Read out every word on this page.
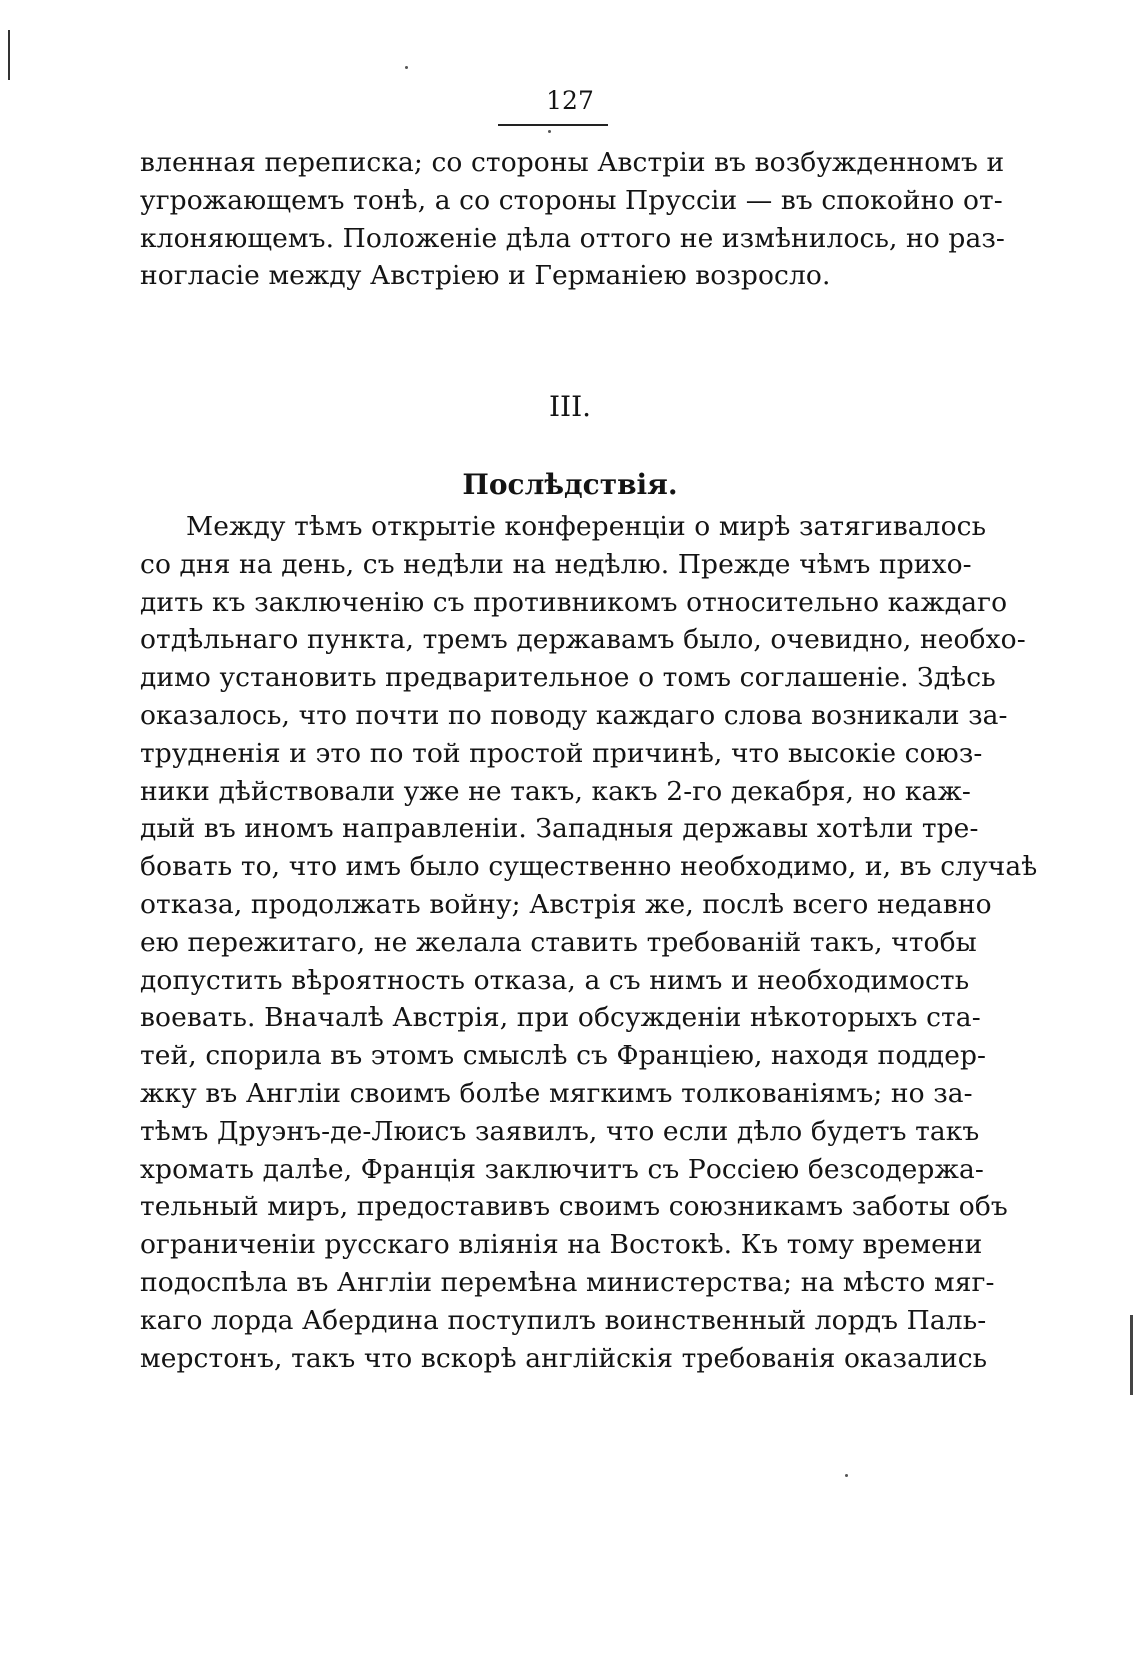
127
вленная переписка; со стороны Австріи въ возбужденномъ и
угрожающемъ тонѣ, а со стороны Пруссіи — въ спокойно от-
клоняющемъ. Положеніе дѣла оттого не измѣнилось, но раз-
ногласіе между Австріею и Германіею возросло.
III.
Послѣдствія.
Между тѣмъ открытіе конференціи о мирѣ затягивалось
со дня на день, съ недѣли на недѣлю. Прежде чѣмъ прихо-
дить къ заключенію съ противникомъ относительно каждаго
отдѣльнаго пункта, тремъ державамъ было, очевидно, необхо-
димо установить предварительное о томъ соглашеніе. Здѣсь
оказалось, что почти по поводу каждаго слова возникали за-
трудненія и это по той простой причинѣ, что высокіе союз-
ники дѣйствовали уже не такъ, какъ 2-го декабря, но каж-
дый въ иномъ направленіи. Западныя державы хотѣли тре-
бовать то, что имъ было существенно необходимо, и, въ случаѣ
отказа, продолжать войну; Австрія же, послѣ всего недавно
ею пережитаго, не желала ставить требованій такъ, чтобы
допустить вѣроятность отказа, а съ нимъ и необходимость
воевать. Вначалѣ Австрія, при обсужденіи нѣкоторыхъ ста-
тей, спорила въ этомъ смыслѣ съ Франціею, находя поддер-
жку въ Англіи своимъ болѣе мягкимъ толкованіямъ; но за-
тѣмъ Друэнъ-де-Люисъ заявилъ, что если дѣло будетъ такъ
хромать далѣе, Франція заключитъ съ Россіею безсодержа-
тельный миръ, предоставивъ своимъ союзникамъ заботы объ
ограниченіи русскаго вліянія на Востокѣ. Къ тому времени
подоспѣла въ Англіи перемѣна министерства; на мѣсто мяг-
каго лорда Абердина поступилъ воинственный лордъ Паль-
мерстонъ, такъ что вскорѣ англійскія требованія оказались
